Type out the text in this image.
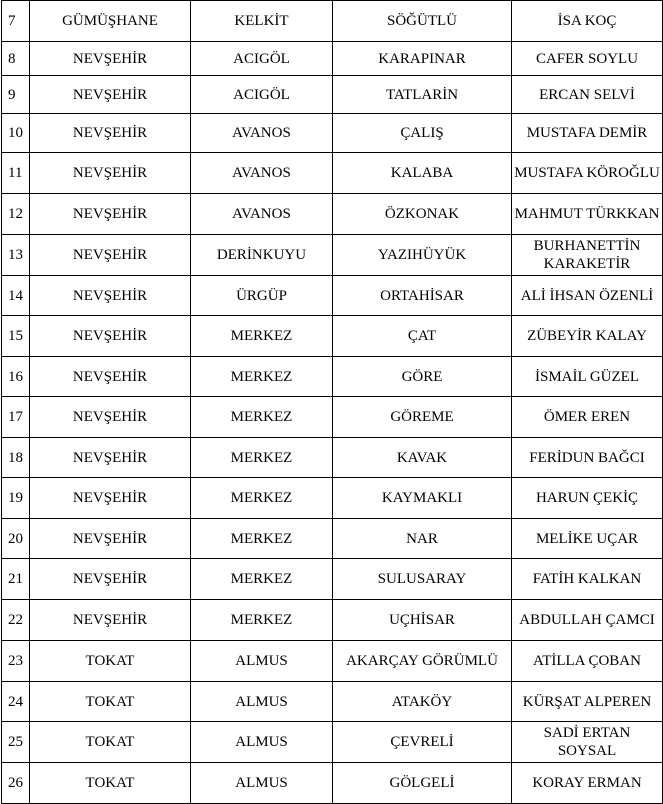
7	GÜMÜŞHANE	KELKİT	SÖĞÜTLÜ	İSA KOÇ
8	NEVŞEHİR	ACIGÖL	KARAPINAR	CAFER SOYLU
9	NEVŞEHİR	ACIGÖL	TATLARİN	ERCAN SELVİ
10	NEVŞEHİR	AVANOS	ÇALIŞ	MUSTAFA DEMİR
11	NEVŞEHİR	AVANOS	KALABA	MUSTAFA KÖROĞLU
12	NEVŞEHİR	AVANOS	ÖZKONAK	MAHMUT TÜRKKAN
13	NEVŞEHİR	DERİNKUYU	YAZIHÜYÜK	BURHANETTİN KARAKETİR
14	NEVŞEHİR	ÜRGÜP	ORTAHİSAR	ALİ İHSAN ÖZENLİ
15	NEVŞEHİR	MERKEZ	ÇAT	ZÜBEYİR KALAY
16	NEVŞEHİR	MERKEZ	GÖRE	İSMAİL GÜZEL
17	NEVŞEHİR	MERKEZ	GÖREME	ÖMER EREN
18	NEVŞEHİR	MERKEZ	KAVAK	FERİDUN BAĞCI
19	NEVŞEHİR	MERKEZ	KAYMAKLI	HARUN ÇEKİÇ
20	NEVŞEHİR	MERKEZ	NAR	MELİKE UÇAR
21	NEVŞEHİR	MERKEZ	SULUSARAY	FATİH KALKAN
22	NEVŞEHİR	MERKEZ	UÇHİSAR	ABDULLAH ÇAMCI
23	TOKAT	ALMUS	AKARÇAY GÖRÜMLÜ	ATİLLA ÇOBAN
24	TOKAT	ALMUS	ATAKÖY	KÜRŞAT ALPEREN
25	TOKAT	ALMUS	ÇEVRELİ	SADİ ERTAN SOYSAL
26	TOKAT	ALMUS	GÖLGELİ	KORAY ERMAN
